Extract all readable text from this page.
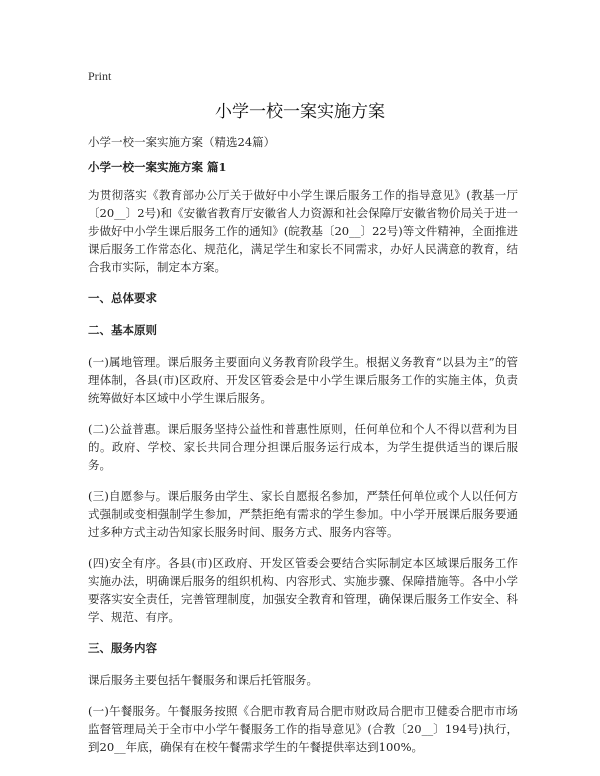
Print
小学一校一案实施方案

小学一校一案实施方案（精选24篇）

小学一校一案实施方案 篇1

为贯彻落实《教育部办公厅关于做好中小学生课后服务工作的指导意见》(教基一厅〔20__〕2号)和《安徽省教育厅安徽省人力资源和社会保障厅安徽省物价局关于进一步做好中小学生课后服务工作的通知》(皖教基〔20__〕22号)等文件精神，全面推进课后服务工作常态化、规范化，满足学生和家长不同需求，办好人民满意的教育，结合我市实际，制定本方案。

一、总体要求

二、基本原则

(一)属地管理。课后服务主要面向义务教育阶段学生。根据义务教育“以县为主”的管理体制，各县(市)区政府、开发区管委会是中小学生课后服务工作的实施主体，负责统筹做好本区域中小学生课后服务。

(二)公益普惠。课后服务坚持公益性和普惠性原则，任何单位和个人不得以营利为目的。政府、学校、家长共同合理分担课后服务运行成本，为学生提供适当的课后服务。

(三)自愿参与。课后服务由学生、家长自愿报名参加，严禁任何单位或个人以任何方式强制或变相强制学生参加，严禁拒绝有需求的学生参加。中小学开展课后服务要通过多种方式主动告知家长服务时间、服务方式、服务内容等。

(四)安全有序。各县(市)区政府、开发区管委会要结合实际制定本区域课后服务工作实施办法，明确课后服务的组织机构、内容形式、实施步骤、保障措施等。各中小学要落实安全责任，完善管理制度，加强安全教育和管理，确保课后服务工作安全、科学、规范、有序。

三、服务内容

课后服务主要包括午餐服务和课后托管服务。

(一)午餐服务。午餐服务按照《合肥市教育局合肥市财政局合肥市卫健委合肥市市场监督管理局关于全市中小学午餐服务工作的指导意见》(合教〔20__〕194号)执行，到20__年底，确保有在校午餐需求学生的午餐提供率达到100%。
